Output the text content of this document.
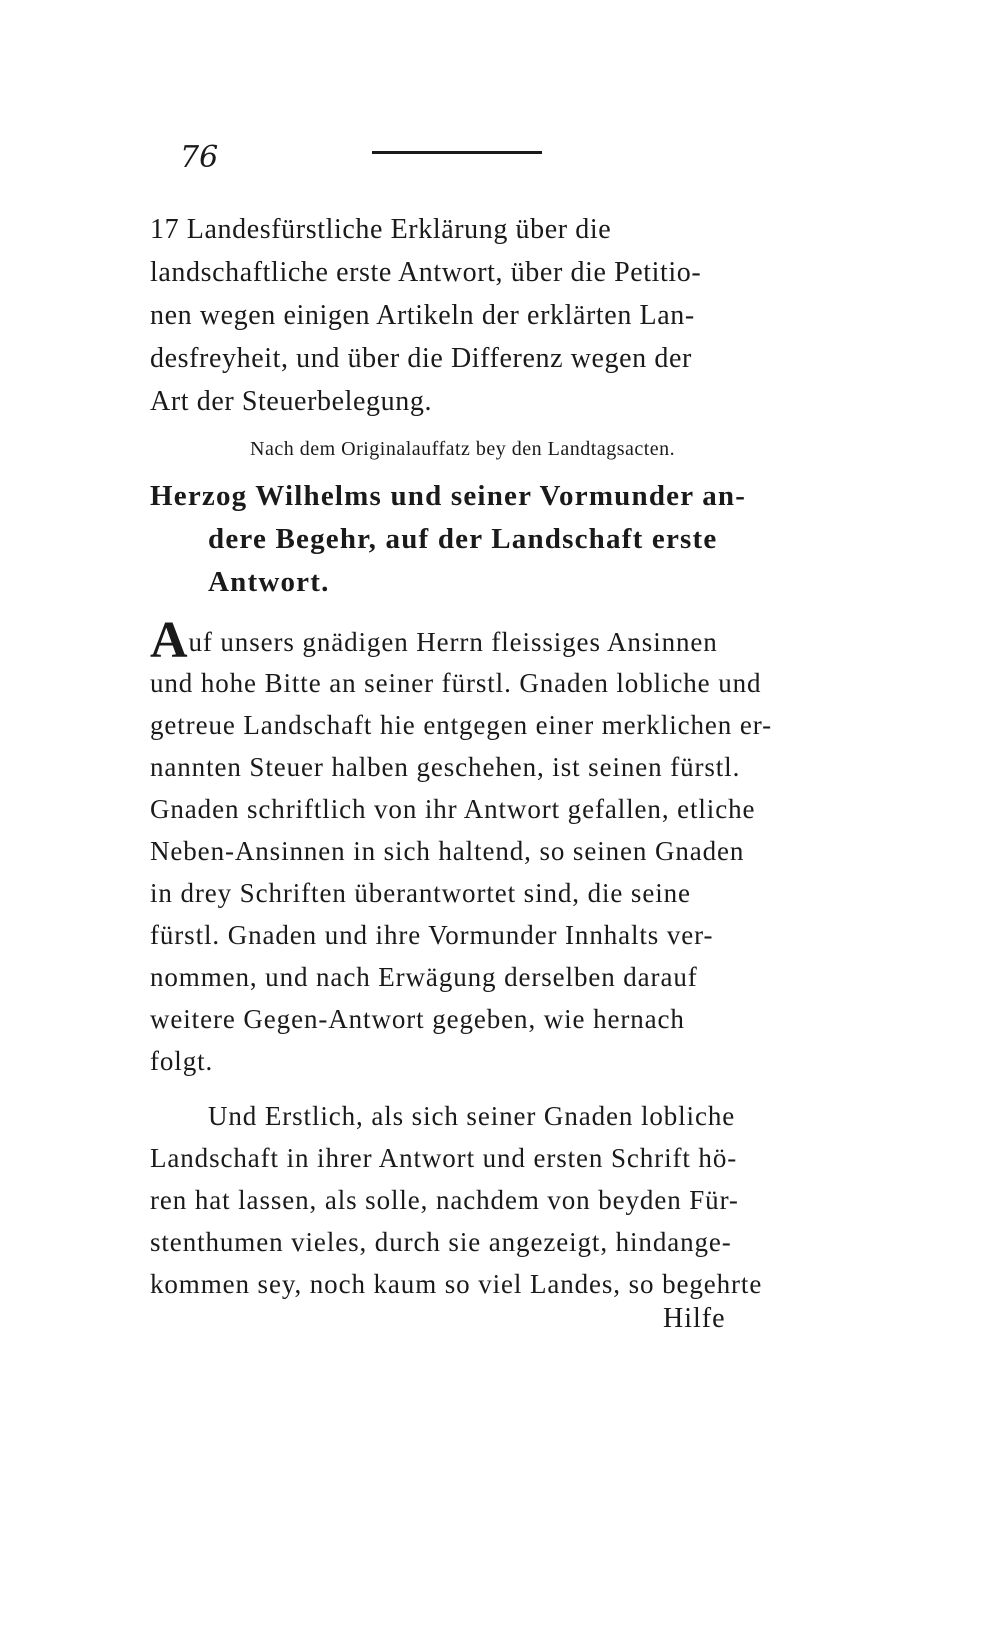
76
17 Landesfürstliche Erklärung über die
landschaftliche erste Antwort, über die Petitio-
nen wegen einigen Artikeln der erklärten Lan-
desfreyheit, und über die Differenz wegen der
Art der Steuerbelegung.
Nach dem Originalauffatz bey den Landtagsacten.
Herzog Wilhelms und seiner Vormunder an-
dere Begehr, auf der Landschaft erste
Antwort.
Auf unsers gnädigen Herrn fleissiges Ansinnen
und hohe Bitte an seiner fürstl. Gnaden lobliche und
getreue Landschaft hie entgegen einer merklichen er-
nannten Steuer halben geschehen, ist seinen fürstl.
Gnaden schriftlich von ihr Antwort gefallen, etliche
Neben-Ansinnen in sich haltend, so seinen Gnaden
in drey Schriften überantwortet sind, die seine
fürstl. Gnaden und ihre Vormunder Innhalts ver-
nommen, und nach Erwägung derselben darauf
weitere Gegen-Antwort gegeben, wie hernach
folgt.
Und Erstlich, als sich seiner Gnaden lobliche
Landschaft in ihrer Antwort und ersten Schrift hö-
ren hat lassen, als solle, nachdem von beyden Für-
stenthumen vieles, durch sie angezeigt, hindange-
kommen sey, noch kaum so viel Landes, so begehrte
Hilfe
